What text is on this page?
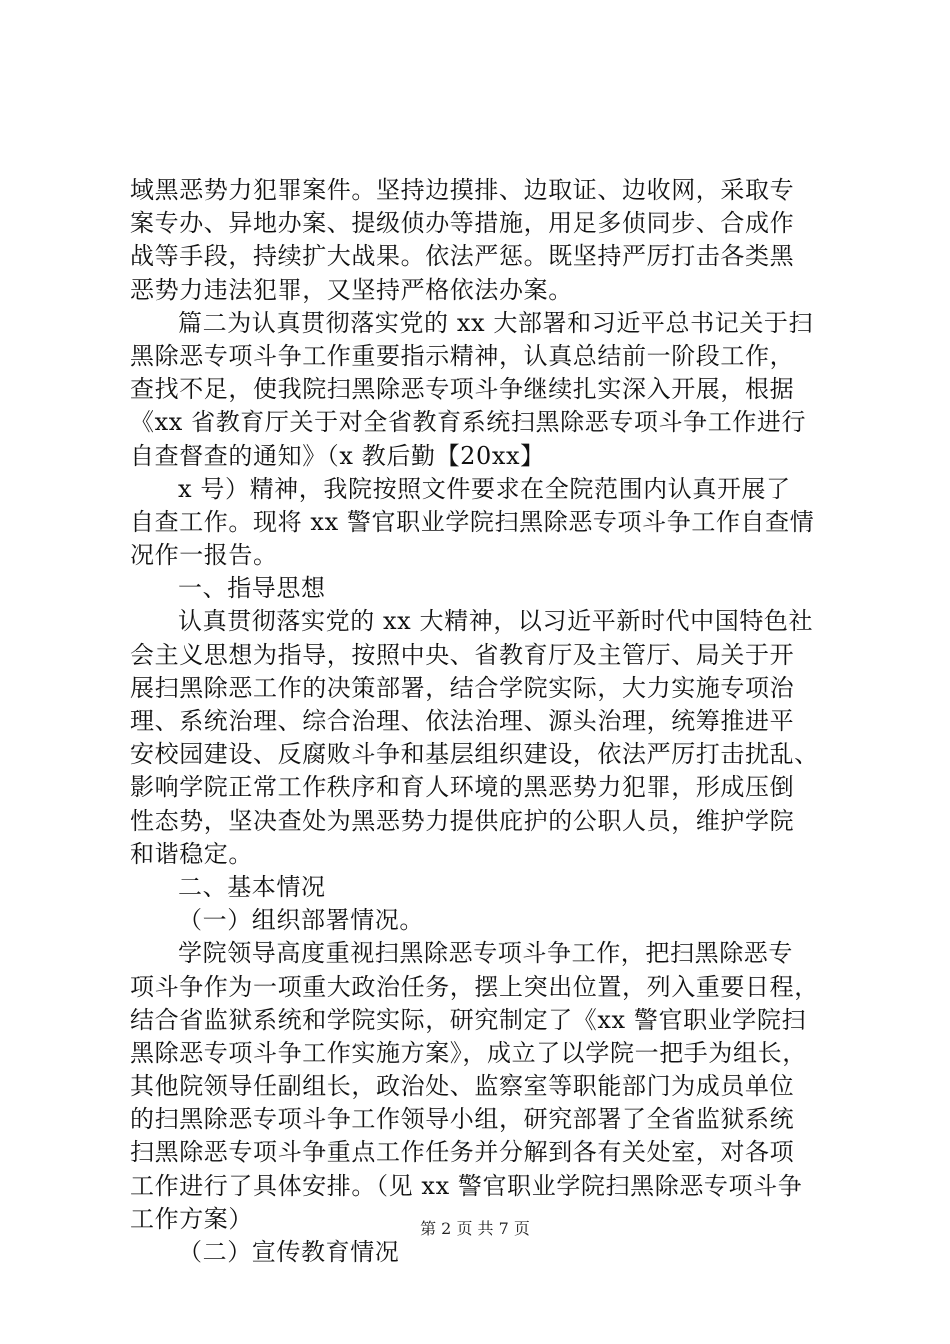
域黑恶势力犯罪案件。坚持边摸排、边取证、边收网，采取专
案专办、异地办案、提级侦办等措施，用足多侦同步、合成作
战等手段，持续扩大战果。依法严惩。既坚持严厉打击各类黑
恶势力违法犯罪，又坚持严格依法办案。
篇二为认真贯彻落实党的 xx 大部署和习近平总书记关于扫
黑除恶专项斗争工作重要指示精神，认真总结前一阶段工作，
查找不足，使我院扫黑除恶专项斗争继续扎实深入开展，根据
《xx 省教育厅关于对全省教育系统扫黑除恶专项斗争工作进行
自查督查的通知》（x 教后勤【20xx】
x 号）精神，我院按照文件要求在全院范围内认真开展了
自查工作。现将 xx 警官职业学院扫黑除恶专项斗争工作自查情
况作一报告。
一、指导思想
认真贯彻落实党的 xx 大精神，以习近平新时代中国特色社
会主义思想为指导，按照中央、省教育厅及主管厅、局关于开
展扫黑除恶工作的决策部署，结合学院实际，大力实施专项治
理、系统治理、综合治理、依法治理、源头治理，统筹推进平
安校园建设、反腐败斗争和基层组织建设，依法严厉打击扰乱、
影响学院正常工作秩序和育人环境的黑恶势力犯罪，形成压倒
性态势，坚决查处为黑恶势力提供庇护的公职人员，维护学院
和谐稳定。
二、基本情况
（一）组织部署情况。
学院领导高度重视扫黑除恶专项斗争工作，把扫黑除恶专
项斗争作为一项重大政治任务，摆上突出位置，列入重要日程，
结合省监狱系统和学院实际，研究制定了《xx 警官职业学院扫
黑除恶专项斗争工作实施方案》，成立了以学院一把手为组长，
其他院领导任副组长，政治处、监察室等职能部门为成员单位
的扫黑除恶专项斗争工作领导小组，研究部署了全省监狱系统
扫黑除恶专项斗争重点工作任务并分解到各有关处室，对各项
工作进行了具体安排。（见 xx 警官职业学院扫黑除恶专项斗争
工作方案）
（二）宣传教育情况
第 2 页 共 7 页
